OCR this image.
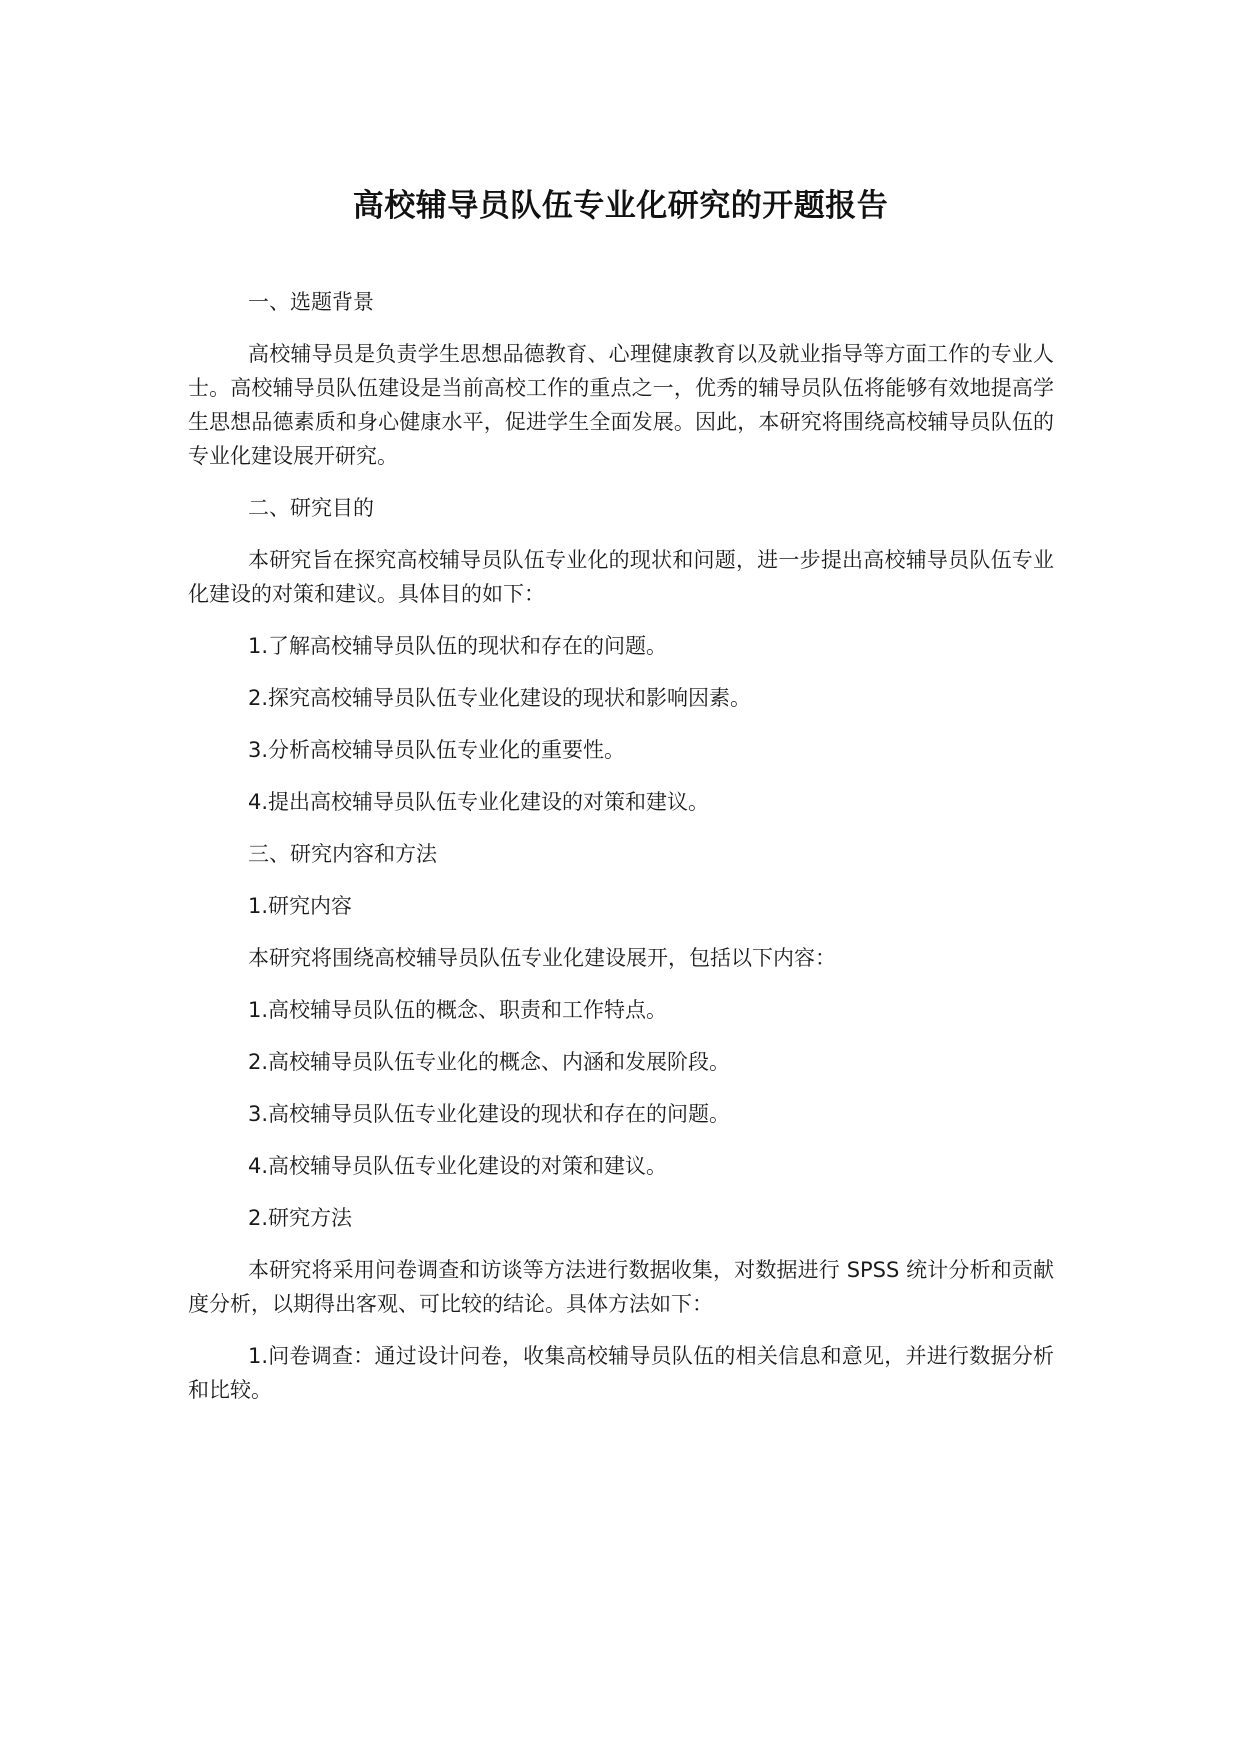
高校辅导员队伍专业化研究的开题报告

一、选题背景

高校辅导员是负责学生思想品德教育、心理健康教育以及就业指导等方面工作的专业人士。高校辅导员队伍建设是当前高校工作的重点之一，优秀的辅导员队伍将能够有效地提高学生思想品德素质和身心健康水平，促进学生全面发展。因此，本研究将围绕高校辅导员队伍的专业化建设展开研究。

二、研究目的

本研究旨在探究高校辅导员队伍专业化的现状和问题，进一步提出高校辅导员队伍专业化建设的对策和建议。具体目的如下：

1.了解高校辅导员队伍的现状和存在的问题。

2.探究高校辅导员队伍专业化建设的现状和影响因素。

3.分析高校辅导员队伍专业化的重要性。

4.提出高校辅导员队伍专业化建设的对策和建议。

三、研究内容和方法

1.研究内容

本研究将围绕高校辅导员队伍专业化建设展开，包括以下内容：

1.高校辅导员队伍的概念、职责和工作特点。

2.高校辅导员队伍专业化的概念、内涵和发展阶段。

3.高校辅导员队伍专业化建设的现状和存在的问题。

4.高校辅导员队伍专业化建设的对策和建议。

2.研究方法

本研究将采用问卷调查和访谈等方法进行数据收集，对数据进行 SPSS 统计分析和贡献度分析，以期得出客观、可比较的结论。具体方法如下：

1.问卷调查：通过设计问卷，收集高校辅导员队伍的相关信息和意见，并进行数据分析和比较。
